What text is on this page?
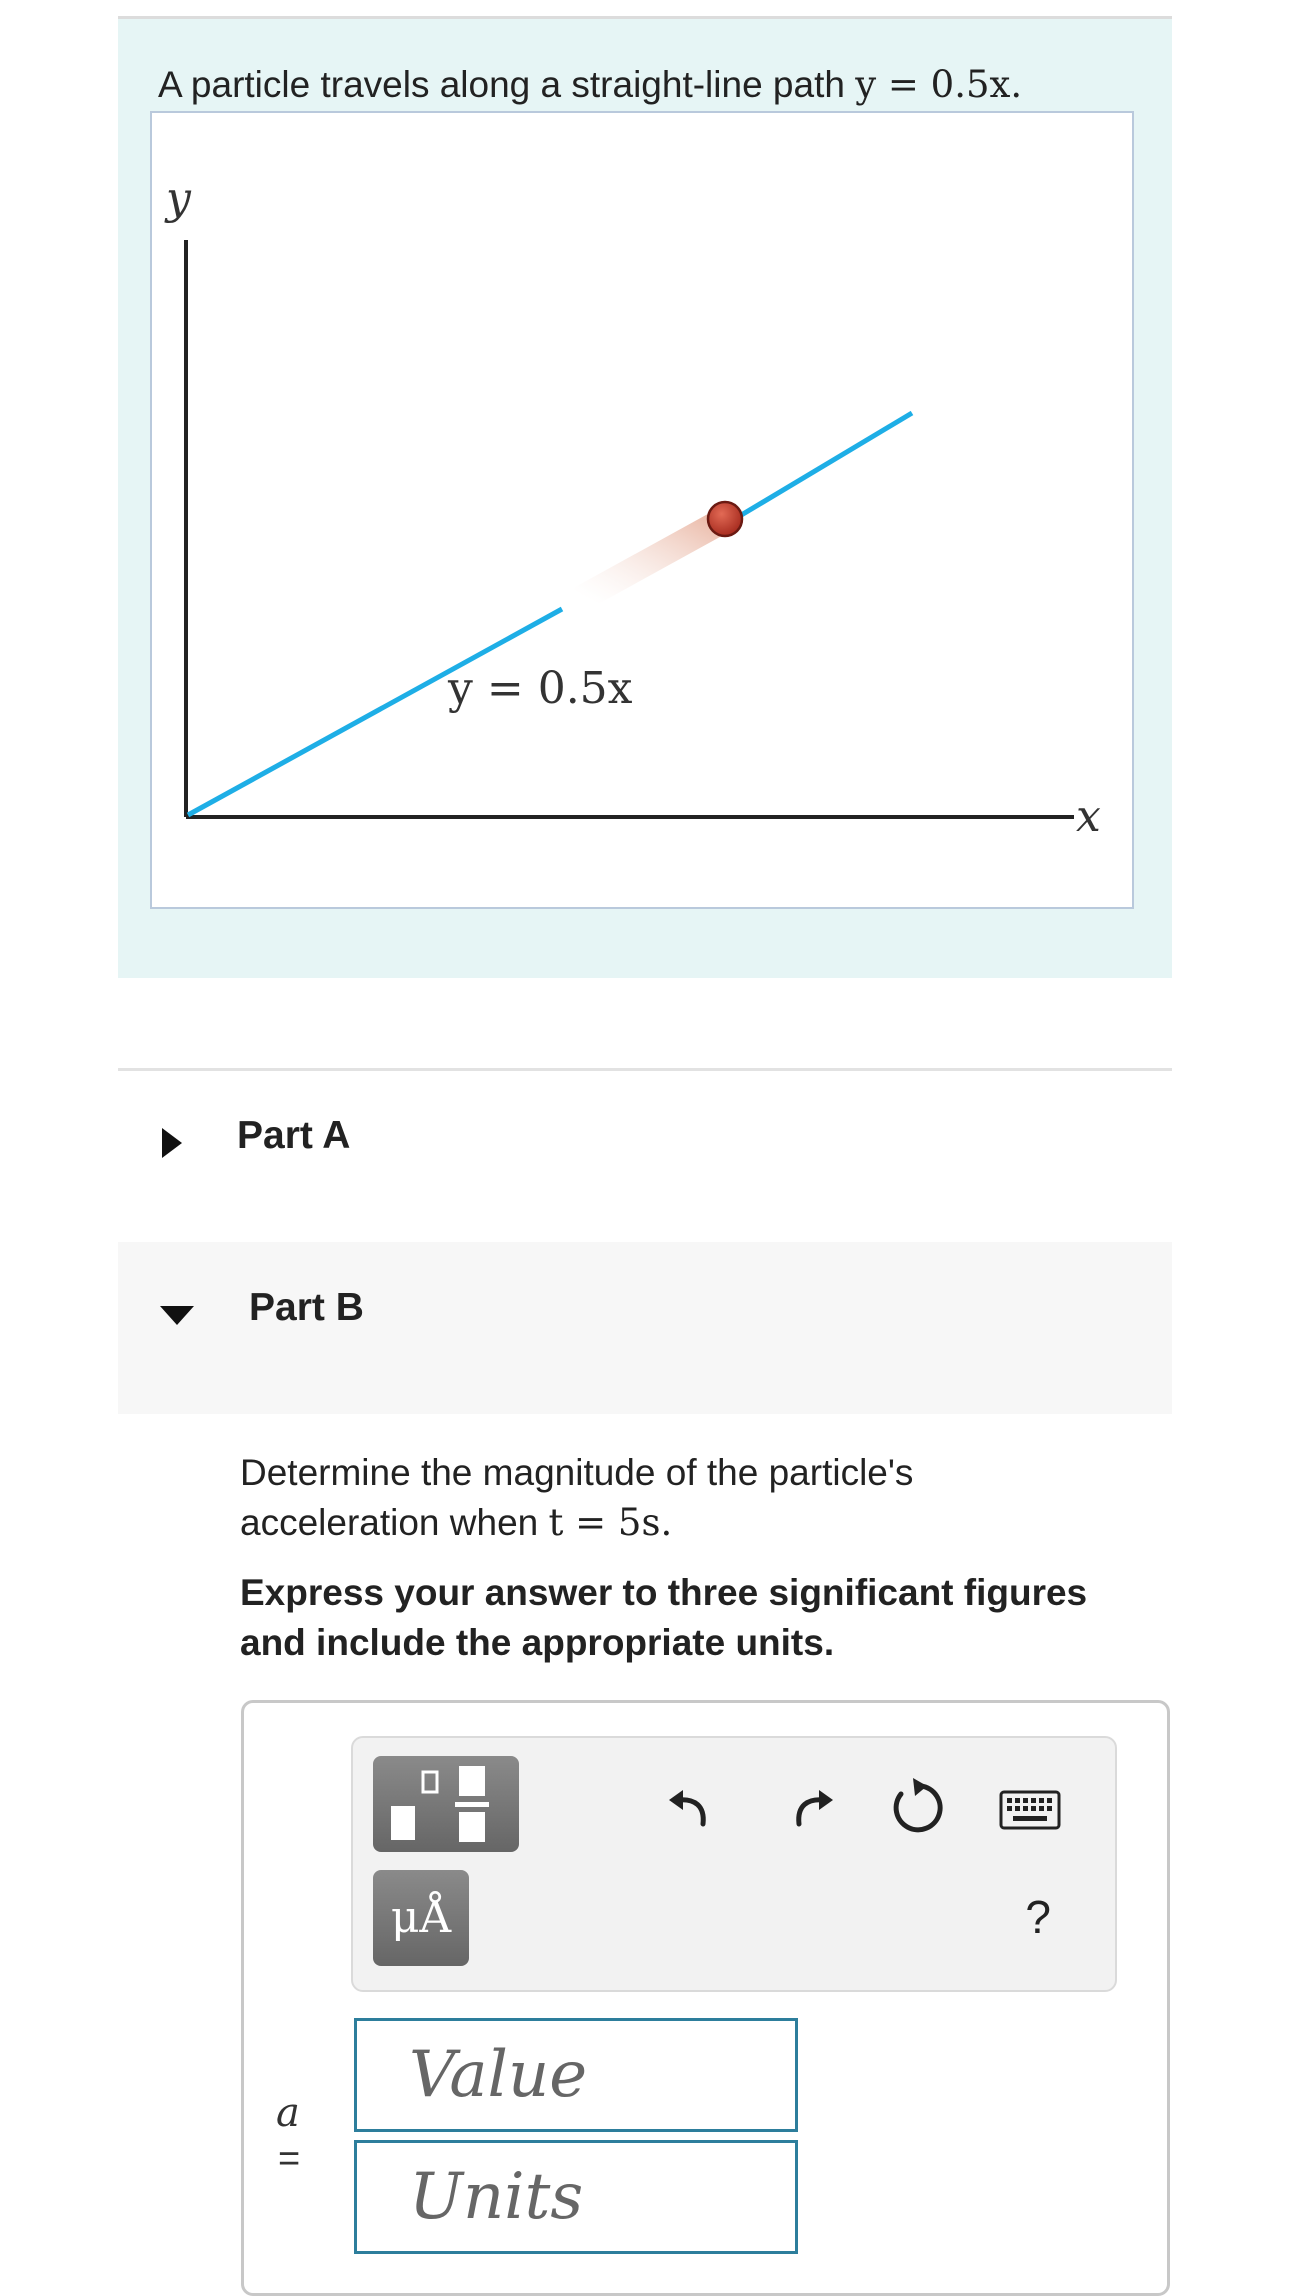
A particle travels along a straight-line path y = 0.5x.
y
x
y = 0.5x
Part A
Part B
Determine the magnitude of the particle's
acceleration when t = 5s.
Express your answer to three significant figures
and include the appropriate units.
μÅ	?
a
=
Value
Units
